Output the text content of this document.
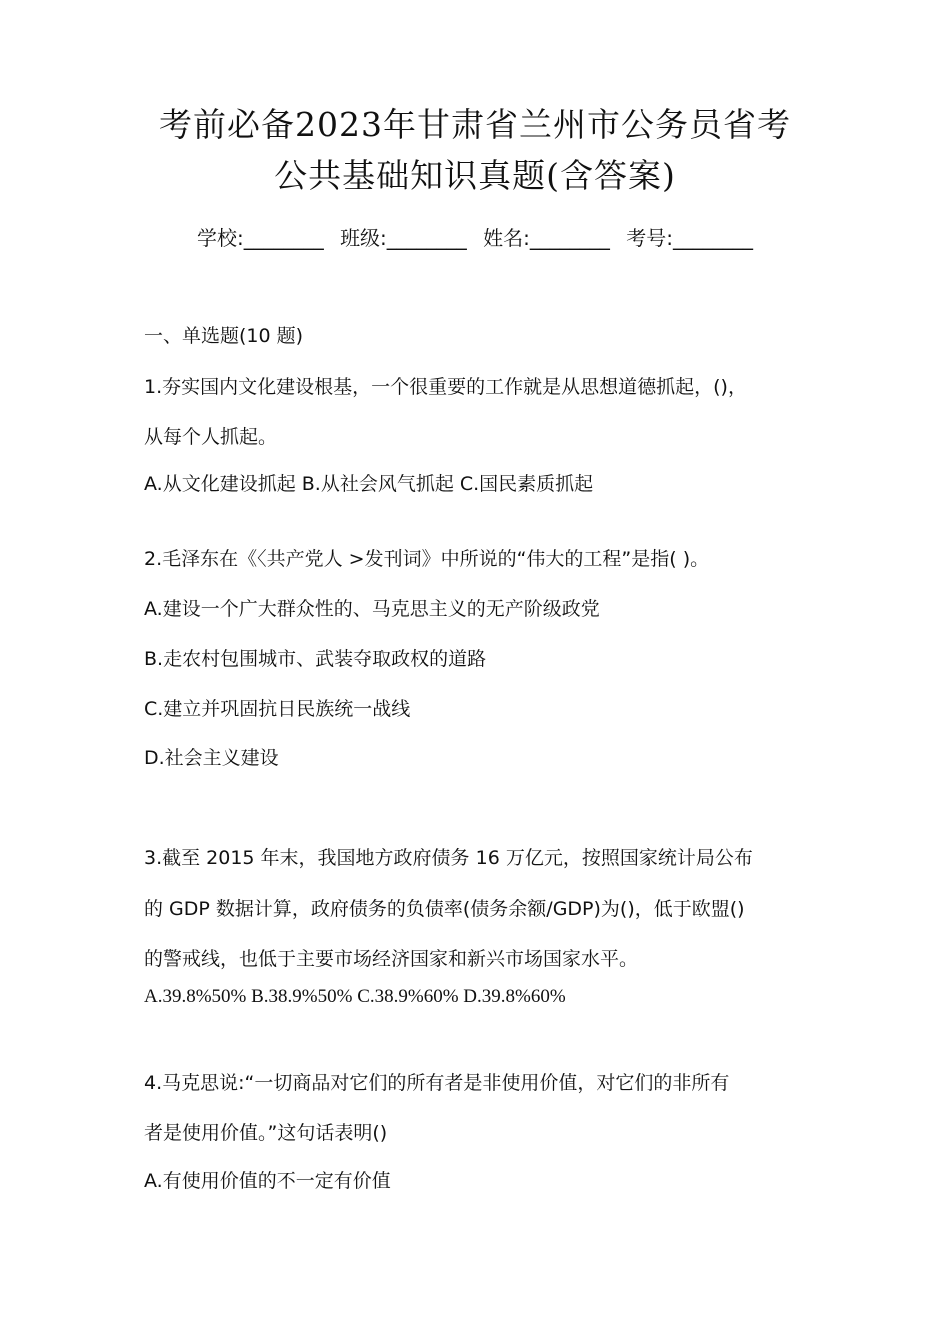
考前必备2023年甘肃省兰州市公务员省考
公共基础知识真题(含答案)
学校:________ 班级:________ 姓名:________ 考号:________
一、单选题(10 题)
1.夯实国内文化建设根基，一个很重要的工作就是从思想道德抓起，()，
从每个人抓起。
A.从文化建设抓起 B.从社会风气抓起 C.国民素质抓起
2.毛泽东在《〈共产党人 >发刊词》中所说的“伟大的工程”是指( )。
A.建设一个广大群众性的、马克思主义的无产阶级政党
B.走农村包围城市、武装夺取政权的道路
C.建立并巩固抗日民族统一战线
D.社会主义建设
3.截至 2015 年末，我国地方政府债务 16 万亿元，按照国家统计局公布
的 GDP 数据计算，政府债务的负债率(债务余额/GDP)为()，低于欧盟()
的警戒线，也低于主要市场经济国家和新兴市场国家水平。
A.39.8%50% B.38.9%50% C.38.9%60% D.39.8%60%
4.马克思说:“一切商品对它们的所有者是非使用价值，对它们的非所有
者是使用价值。”这句话表明()
A.有使用价值的不一定有价值
